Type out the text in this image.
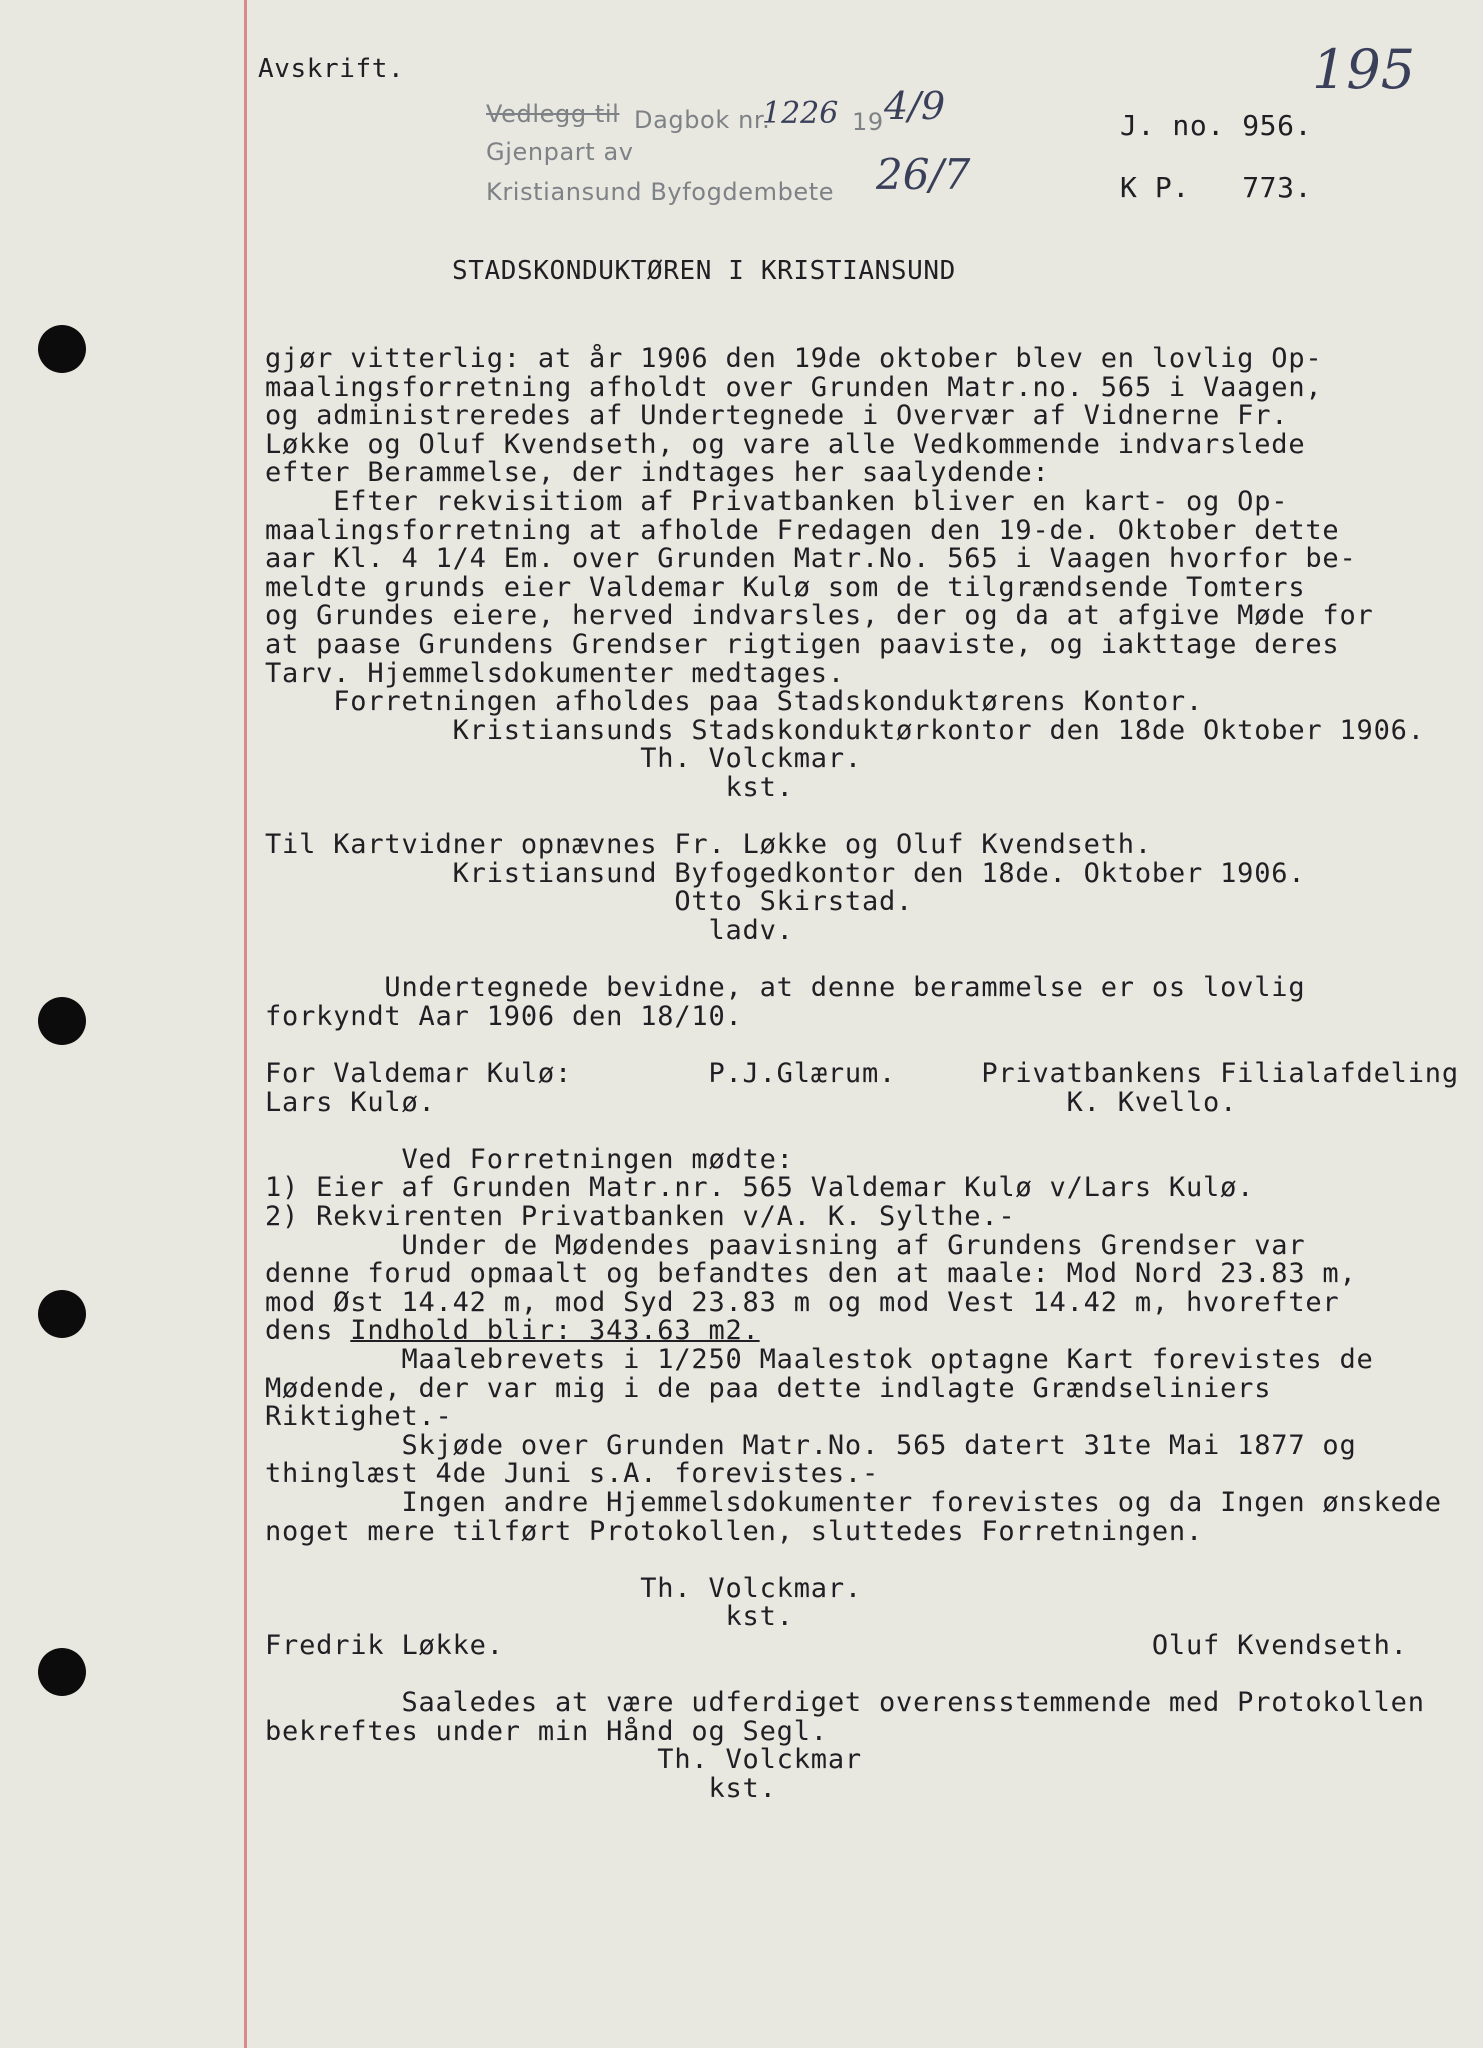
Avskrift.
Vedlegg til Dagbok nr.
1226 19 4/9
Gjenpart av
Kristiansund Byfogdembete 26/7
J. no. 956.
K P.   773.
195
STADSKONDUKTØREN I KRISTIANSUND
gjør vitterlig: at år 1906 den 19de oktober blev en lovlig Op-
maalingsforretning afholdt over Grunden Matr.no. 565 i Vaagen,
og administreredes af Undertegnede i Overvær af Vidnerne Fr.
Løkke og Oluf Kvendseth, og vare alle Vedkommende indvarslede
efter Berammelse, der indtages her saalydende:
Efter rekvisitiom af Privatbanken bliver en kart- og Op-
maalingsforretning at afholde Fredagen den 19-de. Oktober dette
aar Kl. 4 1/4 Em. over Grunden Matr.No. 565 i Vaagen hvorfor be-
meldte grunds eier Valdemar Kulø som de tilgrændsende Tomters
og Grundes eiere, herved indvarsles, der og da at afgive Møde for
at paase Grundens Grendser rigtigen paaviste, og iakttage deres
Tarv. Hjemmelsdokumenter medtages.
Forretningen afholdes paa Stadskonduktørens Kontor.
Kristiansunds Stadskonduktørkontor den 18de Oktober 1906.
Th. Volckmar.
kst.
Til Kartvidner opnævnes Fr. Løkke og Oluf Kvendseth.
Kristiansund Byfogedkontor den 18de. Oktober 1906.
Otto Skirstad.
ladv.
Undertegnede bevidne, at denne berammelse er os lovlig
forkyndt Aar 1906 den 18/10.
For Valdemar Kulø:        P.J.Glærum.     Privatbankens Filialafdeling
Lars Kulø.                                     K. Kvello.
Ved Forretningen mødte:
1) Eier af Grunden Matr.nr. 565 Valdemar Kulø v/Lars Kulø.
2) Rekvirenten Privatbanken v/A. K. Sylthe.-
Under de Mødendes paavisning af Grundens Grendser var
denne forud opmaalt og befandtes den at maale: Mod Nord 23.83 m,
mod Øst 14.42 m, mod Syd 23.83 m og mod Vest 14.42 m, hvorefter
dens Indhold blir: 343.63 m2.
Maalebrevets i 1/250 Maalestok optagne Kart forevistes de
Mødende, der var mig i de paa dette indlagte Grændseliniers
Riktighet.-
Skjøde over Grunden Matr.No. 565 datert 31te Mai 1877 og
thinglæst 4de Juni s.A. forevistes.-
Ingen andre Hjemmelsdokumenter forevistes og da Ingen ønskede
noget mere tilført Protokollen, sluttedes Forretningen.
Th. Volckmar.
kst.
Fredrik Løkke.                                      Oluf Kvendseth.
Saaledes at være udferdiget overensstemmende med Protokollen
bekreftes under min Hånd og Segl.
Th. Volckmar
kst.
